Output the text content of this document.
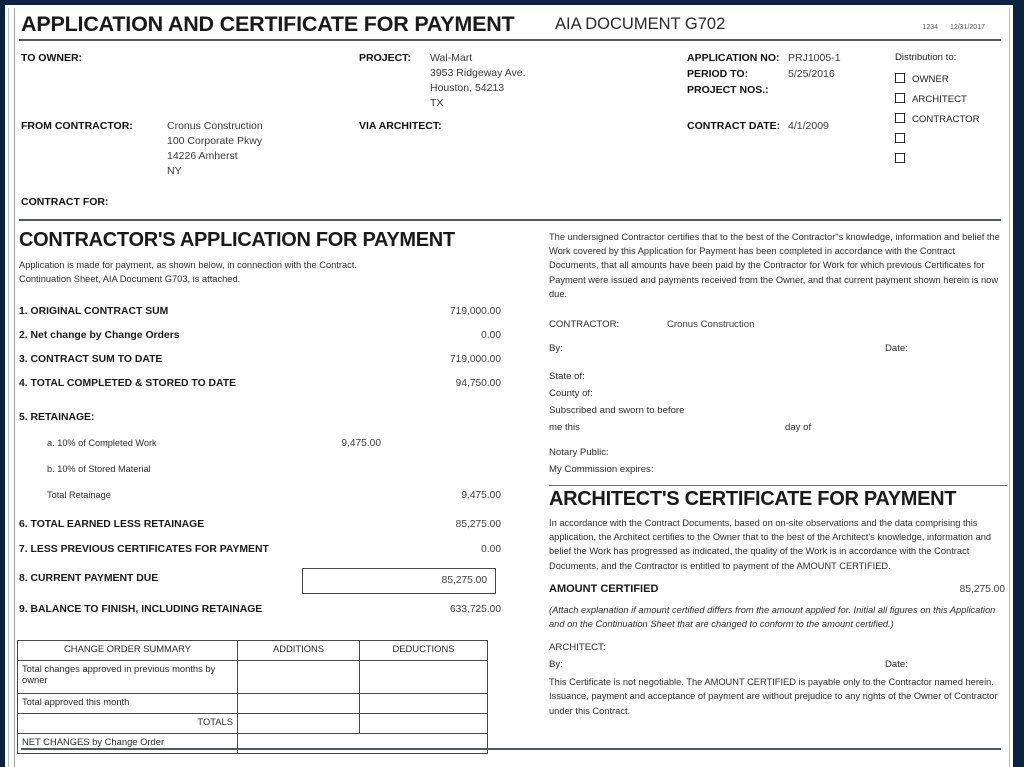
APPLICATION AND CERTIFICATE FOR PAYMENT AIA DOCUMENT G702	1234 12/31/2017
TO OWNER:
FROM CONTRACTOR:	Cronus Construction
100 Corporate Pkwy
14226 Amherst
NY
CONTRACT FOR:
PROJECT: Wal-Mart
3953 Ridgeway Ave.
Houston, 54213
TX
VIA ARCHITECT:
APPLICATION NO: PRJ1005-1
PERIOD TO:	5/25/2016
PROJECT NOS.:
CONTRACT DATE: 4/1/2009
Distribution to:
OWNER
ARCHITECT
CONTRACTOR
CONTRACTOR'S APPLICATION FOR PAYMENT
Application is made for payment, as shown below, in connection with the Contract.
Continuation Sheet, AIA Document G703, is attached.
1. ORIGINAL CONTRACT SUM	719,000.00
2. Net change by Change Orders	0.00
3. CONTRACT SUM TO DATE	719,000.00
4. TOTAL COMPLETED & STORED TO DATE	94,750.00
5. RETAINAGE:
a. 10% of Completed Work	9,475.00
b. 10% of Stored Material
Total Retainage	9,475.00
6. TOTAL EARNED LESS RETAINAGE	85,275.00
7. LESS PREVIOUS CERTIFICATES FOR PAYMENT	0.00
8. CURRENT PAYMENT DUE	85,275.00
9. BALANCE TO FINISH, INCLUDING RETAINAGE	633,725.00
CHANGE ORDER SUMMARY	ADDITIONS	DEDUCTIONS
Total changes approved in previous months by owner		
Total approved this month		
TOTALS		
NET CHANGES by Change Order		
The undersigned Contractor certifies that to the best of the Contractor"s knowledge, information and belief the Work covered by this Application for Payment has been completed in accordance with the Contract Documents, that all amounts have been paid by the Contractor for Work for which previous Certificates for Payment were issued and payments received from the Owner, and that current payment shown herein is now due.
CONTRACTOR:	Cronus Construction
By:	Date:
State of:
County of:
Subscribed and sworn to before
me this	day of
Notary Public:
My Commission expires:
ARCHITECT'S CERTIFICATE FOR PAYMENT
In accordance with the Contract Documents, based on on-site observations and the data comprising this application, the Architect certifies to the Owner that to the best of the Architect's knowledge, information and belief the Work has progressed as indicated, the quality of the Work is in accordance with the Contract Documents, and the Contractor is entitled to payment of the AMOUNT CERTIFIED.
AMOUNT CERTIFIED	85,275.00
(Attach explanation if amount certified differs from the amount applied for. Initial all figures on this Application and on the Continuation Sheet that are changed to conform to the amount certified.)
ARCHITECT:
By:	Date:
This Certificate is not negotiable. The AMOUNT CERTIFIED is payable only to the Contractor named herein. Issuance, payment and acceptance of payment are without prejudice to any rights of the Owner of Contractor under this Contract.
